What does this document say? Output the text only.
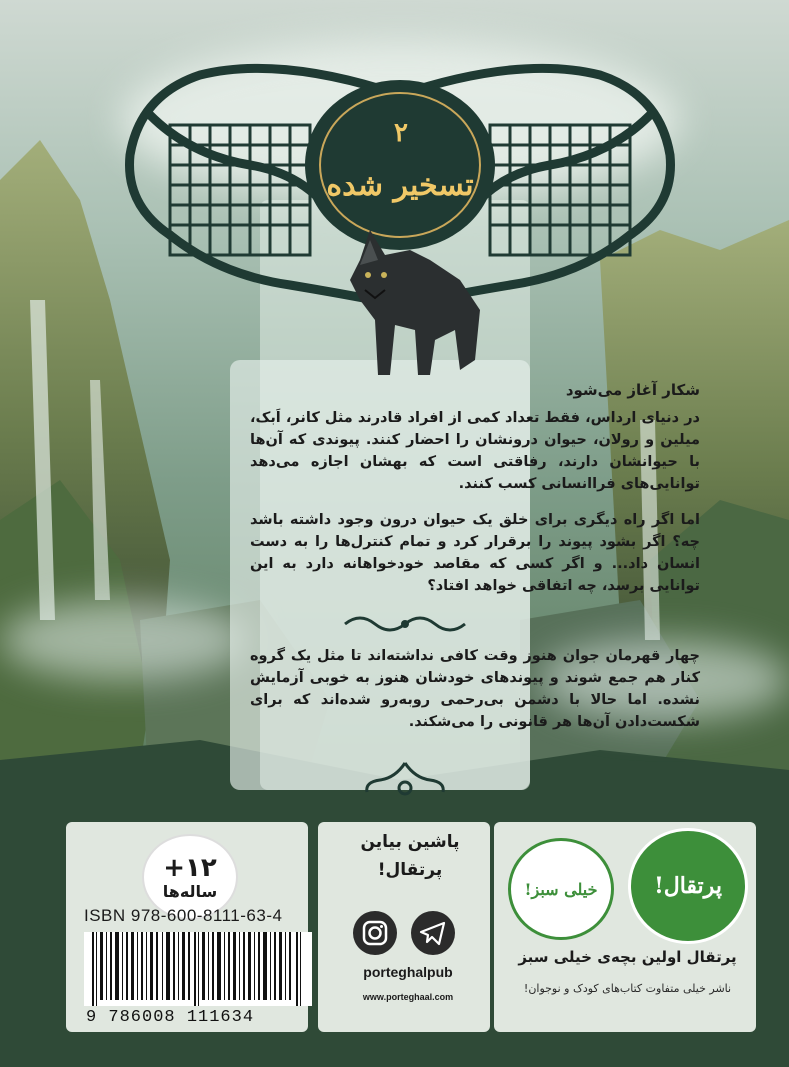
۲
تسخیر شده
شکار آغاز می‌شود
در دنیای ارداس، فقط تعداد کمی از افراد قادرند مثل کانر، اَبک، میلین و رولان، حیوان درونشان را احضار کنند. پیوندی که آن‌ها با حیوانشان دارند، رفاقتی است که بهشان اجازه می‌دهد توانایی‌های فرا‌انسانی کسب کنند.
اما اگر راه دیگری برای خلق یک حیوان درون وجود داشته باشد چه؟ اگر بشود پیوند را برقرار کرد و تمام کنترل‌ها را به دست انسان داد... و اگر کسی که مقاصد خودخواهانه دارد به این توانایی برسد، چه اتفاقی خواهد افتاد؟
چهار قهرمان جوان هنوز وقت کافی نداشته‌اند تا مثل یک گروه کنار هم جمع شوند و پیوندهای خودشان هنوز به خوبی آزمایش نشده. اما حالا با دشمن بی‌رحمی روبه‌رو شده‌اند که برای شکست‌دادن آن‌ها هر قانونی را می‌شکند.
+۱۲
ساله‌ها
ISBN 978-600-8111-63-4
9 786008 111634
پاشین بیاین
پرتقال!
porteghalpub
www.porteghaal.com
پرتقال!
خیلی سبز!
پرتقال اولین بچه‌ی خیلی سبز
ناشر خیلی متفاوت کتاب‌های کودک و نوجوان!
